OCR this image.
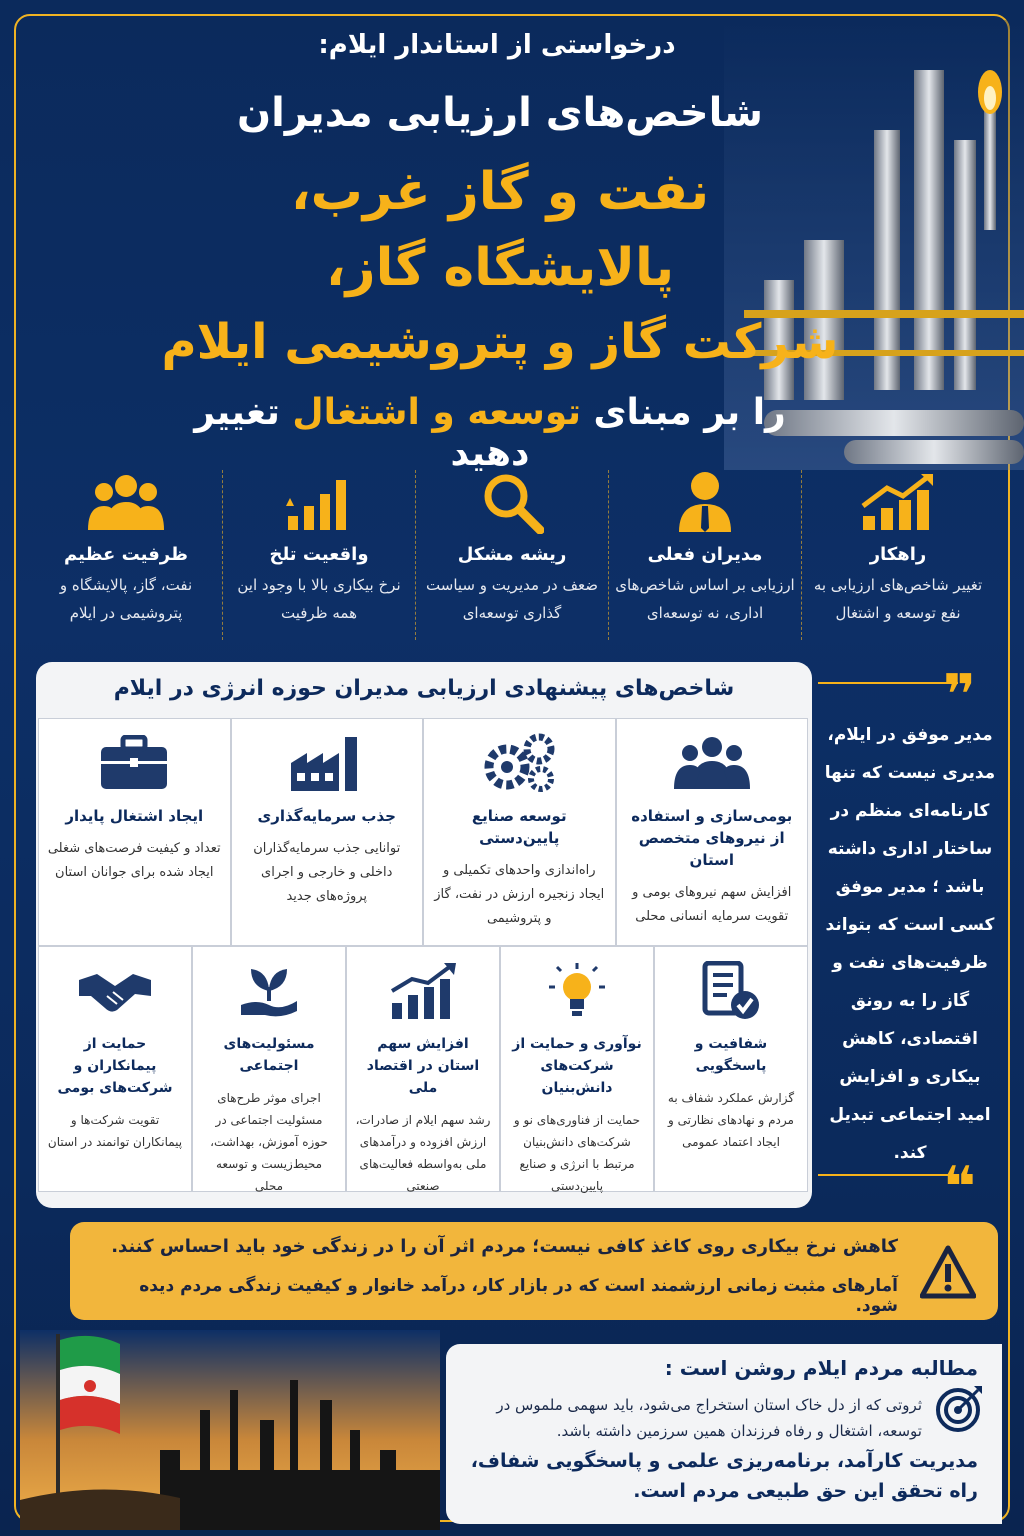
درخواستی از استاندار ایلام:
شاخص‌های ارزیابی مدیران
نفت و گاز غرب،
پالایشگاه گاز،
شرکت گاز و پتروشیمی ایلام
را بر مبنای توسعه و اشتغال تغییر دهید
راهکار
تغییر شاخص‌های ارزیابی به نفع توسعه و اشتغال
مدیران فعلی
ارزیابی بر اساس شاخص‌های اداری، نه توسعه‌ای
ریشه مشکل
ضعف در مدیریت و سیاست گذاری توسعه‌ای
واقعیت تلخ
نرخ بیکاری بالا با وجود این همه ظرفیت
ظرفیت عظیم
نفت، گاز، پالایشگاه و پتروشیمی در ایلام
شاخص‌های پیشنهادی ارزیابی مدیران حوزه انرژی در ایلام
بومی‌سازی و استفاده از نیروهای متخصص استان
افزایش سهم نیروهای بومی و تقویت سرمایه انسانی محلی
توسعه صنایع پایین‌دستی
راه‌اندازی واحدهای تکمیلی و ایجاد زنجیره ارزش در نفت، گاز و پتروشیمی
جذب سرمایه‌گذاری
توانایی جذب سرمایه‌گذاران داخلی و خارجی و اجرای پروژه‌های جدید
ایجاد اشتغال پایدار
تعداد و کیفیت فرصت‌های شغلی ایجاد شده برای جوانان استان
شفافیت و پاسخگویی
گزارش عملکرد شفاف به مردم و نهادهای نظارتی و ایجاد اعتماد عمومی
نوآوری و حمایت از شرکت‌های دانش‌بنیان
حمایت از فناوری‌های نو و شرکت‌های دانش‌بنیان مرتبط با انرژی و صنایع پایین‌دستی
افزایش سهم استان در اقتصاد ملی
رشد سهم ایلام از صادرات، ارزش افزوده و درآمدهای ملی به‌واسطه فعالیت‌های صنعتی
مسئولیت‌های اجتماعی
اجرای موثر طرح‌های مسئولیت اجتماعی در حوزه آموزش، بهداشت، محیط‌زیست و توسعه محلی
حمایت از پیمانکاران و شرکت‌های بومی
تقویت شرکت‌ها و پیمانکاران توانمند در استان
❞
مدیر موفق در ایلام، مدیری نیست که تنها کارنامه‌ای منظم در ساختار اداری داشته باشد ؛ مدیر موفق کسی است که بتواند ظرفیت‌های نفت و گاز را به رونق اقتصادی، کاهش بیکاری و افزایش امید اجتماعی تبدیل کند.
❝
کاهش نرخ بیکاری روی کاغذ کافی نیست؛ مردم اثر آن را در زندگی خود باید احساس کنند.
آمارهای مثبت زمانی ارزشمند است که در بازار کار، درآمد خانوار و کیفیت زندگی مردم دیده شود.
مطالبه مردم ایلام روشن است :
ثروتی که از دل خاک استان استخراج می‌شود، باید سهمی ملموس در توسعه، اشتغال و رفاه فرزندان همین سرزمین داشته باشد.
مدیریت کارآمد، برنامه‌ریزی علمی و پاسخگویی شفاف، راه تحقق این حق طبیعی مردم است.
